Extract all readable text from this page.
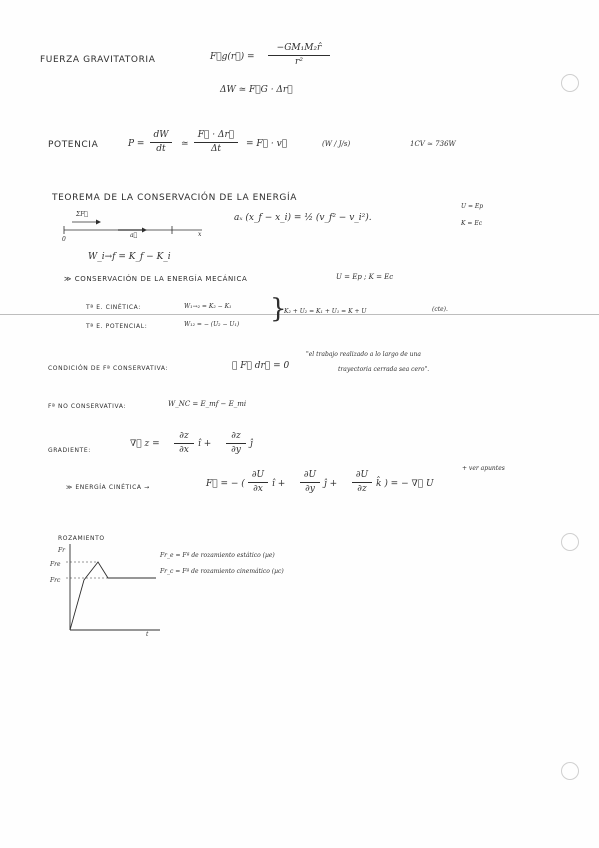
FUERZA GRAVITATORIA	F⃗g(r⃗) =
−GM₁M₂r̂
r²
ΔW ≃ F⃗G · Δr⃗
POTENCIA	P =
dW
dt	≃
F⃗ · Δr⃗
Δt	= F⃗ · v⃗	(W / J/s)	1CV ≃ 736W
TEOREMA DE LA CONSERVACIÓN DE LA ENERGÍA
ΣF⃗
a⃗
0
x
aₓ (x_f − x_i) = ½ (v_f² − v_i²).
U = Ep
K = Ec
W_i→f = K_f − K_i
≫ CONSERVACIÓN DE LA ENERGÍA MECÁNICA	U = Ep ; K = Ec
Tª E. CINÉTICA:	W₁→₂ = K₂ − K₁
Tª E. POTENCIAL:	W₁₂ = − (U₂ − U₁)
}
K₂ + U₂ = K₁ + U₁ = K + U	(cte).
CONDICIÓN DE Fª CONSERVATIVA:	∮ F⃗ dr⃗ = 0
"el trabajo realizado a lo largo de una
trayectoria cerrada sea cero".
Fª NO CONSERVATIVA:	W_NC = E_mf − E_mi
GRADIENTE:
∇⃗ z =
∂z
∂x
î +
∂z
∂y
ĵ
≫ ENERGÍA CINÉTICA →	F⃗ = − (
∂U
∂x	î +
∂U
∂y	ĵ +
∂U
∂z	k̂ ) = − ∇⃗ U
+ ver apuntes
ROZAMIENTO
Fr
Fre
Frc
t
Fr_e = Fª de rozamiento estático (µe)
Fr_c = Fª de rozamiento cinemático (µc)
